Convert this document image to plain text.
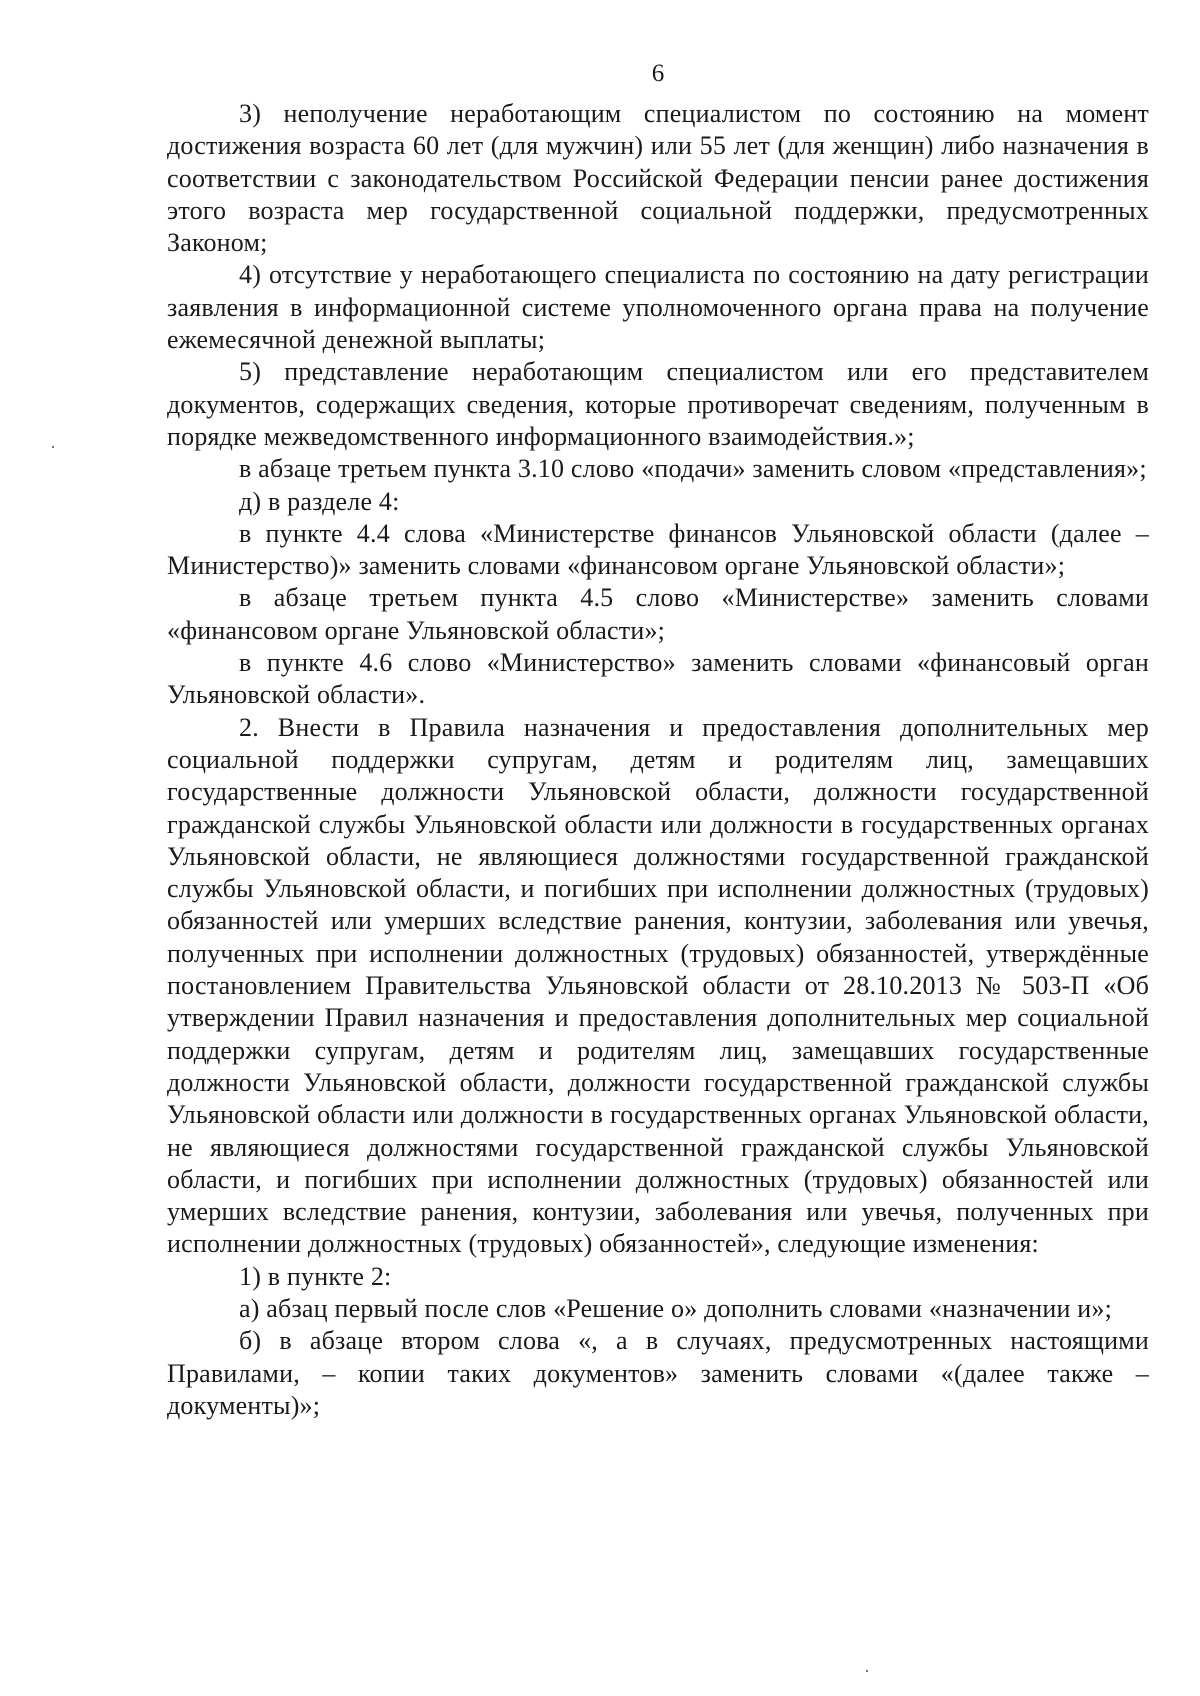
6

3) неполучение неработающим специалистом по состоянию на момент достижения возраста 60 лет (для мужчин) или 55 лет (для женщин) либо назначения в соответствии с законодательством Российской Федерации пенсии ранее достижения этого возраста мер государственной социальной поддержки, предусмотренных Законом;

4) отсутствие у неработающего специалиста по состоянию на дату регистрации заявления в информационной системе уполномоченного органа права на получение ежемесячной денежной выплаты;

5) представление неработающим специалистом или его представителем документов, содержащих сведения, которые противоречат сведениям, полученным в порядке межведомственного информационного взаимодействия.»;

в абзаце третьем пункта 3.10 слово «подачи» заменить словом «представления»;

д) в разделе 4:

в пункте 4.4 слова «Министерстве финансов Ульяновской области (далее – Министерство)» заменить словами «финансовом органе Ульяновской области»;

в абзаце третьем пункта 4.5 слово «Министерстве» заменить словами «финансовом органе Ульяновской области»;

в пункте 4.6 слово «Министерство» заменить словами «финансовый орган Ульяновской области».

2. Внести в Правила назначения и предоставления дополнительных мер социальной поддержки супругам, детям и родителям лиц, замещавших государственные должности Ульяновской области, должности государственной гражданской службы Ульяновской области или должности в государственных органах Ульяновской области, не являющиеся должностями государственной гражданской службы Ульяновской области, и погибших при исполнении должностных (трудовых) обязанностей или умерших вследствие ранения, контузии, заболевания или увечья, полученных при исполнении должностных (трудовых) обязанностей, утверждённые постановлением Правительства Ульяновской области от 28.10.2013 № 503-П «Об утверждении Правил назначения и предоставления дополнительных мер социальной поддержки супругам, детям и родителям лиц, замещавших государственные должности Ульяновской области, должности государственной гражданской службы Ульяновской области или должности в государственных органах Ульяновской области, не являющиеся должностями государственной гражданской службы Ульяновской области, и погибших при исполнении должностных (трудовых) обязанностей или умерших вследствие ранения, контузии, заболевания или увечья, полученных при исполнении должностных (трудовых) обязанностей», следующие изменения:

1) в пункте 2:

а) абзац первый после слов «Решение о» дополнить словами «назначении и»;

б) в абзаце втором слова «, а в случаях, предусмотренных настоящими Правилами, – копии таких документов» заменить словами «(далее также – документы)»;
